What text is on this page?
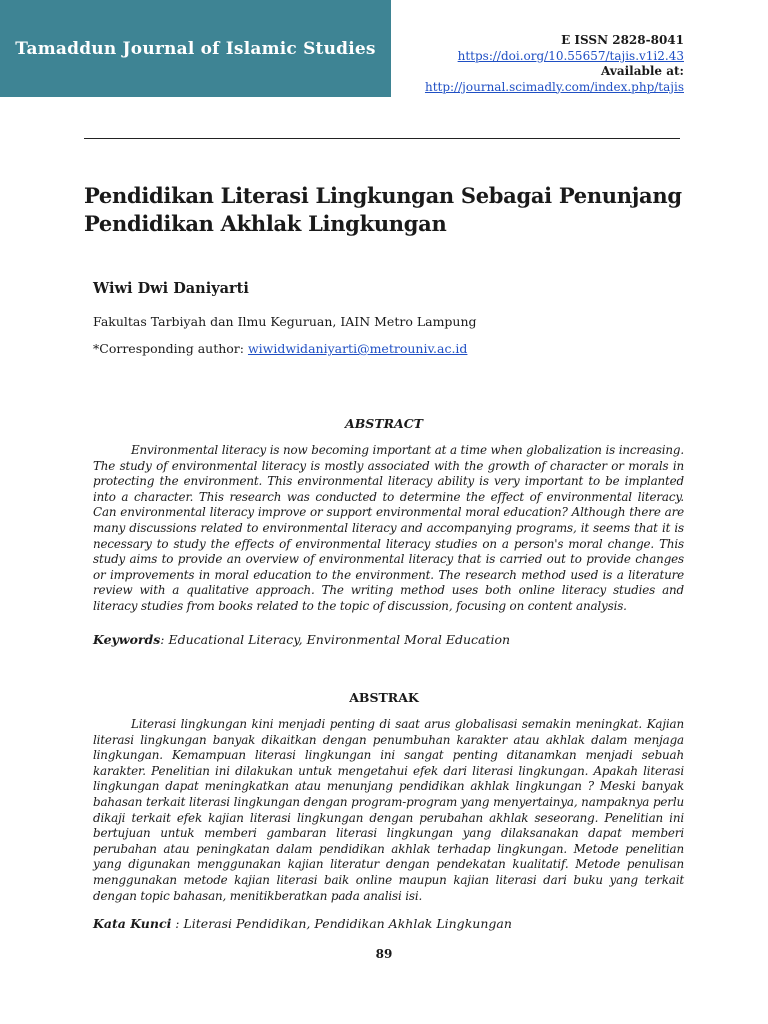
Tamaddun Journal of Islamic Studies	E ISSN 2828-8041
https://doi.org/10.55657/tajis.v1i2.43
Available at:
http://journal.scimadly.com/index.php/tajis
Pendidikan Literasi Lingkungan Sebagai Penunjang Pendidikan Akhlak Lingkungan
Wiwi Dwi Daniyarti
Fakultas Tarbiyah dan Ilmu Keguruan, IAIN Metro Lampung
*Corresponding author: wiwidwidaniyarti@metrouniv.ac.id
ABSTRACT

Environmental literacy is now becoming important at a time when globalization is increasing. The study of environmental literacy is mostly associated with the growth of character or morals in protecting the environment. This environmental literacy ability is very important to be implanted into a character. This research was conducted to determine the effect of environmental literacy. Can environmental literacy improve or support environmental moral education? Although there are many discussions related to environmental literacy and accompanying programs, it seems that it is necessary to study the effects of environmental literacy studies on a person's moral change. This study aims to provide an overview of environmental literacy that is carried out to provide changes or improvements in moral education to the environment. The research method used is a literature review with a qualitative approach. The writing method uses both online literacy studies and literacy studies from books related to the topic of discussion, focusing on content analysis.

Keywords: Educational Literacy, Environmental Moral Education
ABSTRAK

Literasi lingkungan kini menjadi penting di saat arus globalisasi semakin meningkat. Kajian literasi lingkungan banyak dikaitkan dengan penumbuhan karakter atau akhlak dalam menjaga lingkungan. Kemampuan literasi lingkungan ini sangat penting ditanamkan menjadi sebuah karakter. Penelitian ini dilakukan untuk mengetahui efek dari literasi lingkungan. Apakah literasi lingkungan dapat meningkatkan atau menunjang pendidikan akhlak lingkungan ? Meski banyak bahasan terkait literasi lingkungan dengan program-program yang menyertainya, nampaknya perlu dikaji terkait efek kajian literasi lingkungan dengan perubahan akhlak seseorang. Penelitian ini bertujuan untuk memberi gambaran literasi lingkungan yang dilaksanakan dapat memberi perubahan atau peningkatan dalam pendidikan akhlak terhadap lingkungan. Metode penelitian yang digunakan menggunakan kajian literatur dengan pendekatan kualitatif. Metode penulisan menggunakan metode kajian literasi baik online maupun kajian literasi dari buku yang terkait dengan topic bahasan, menitikberatkan pada analisi isi.

Kata Kunci : Literasi Pendidikan, Pendidikan Akhlak Lingkungan
89
